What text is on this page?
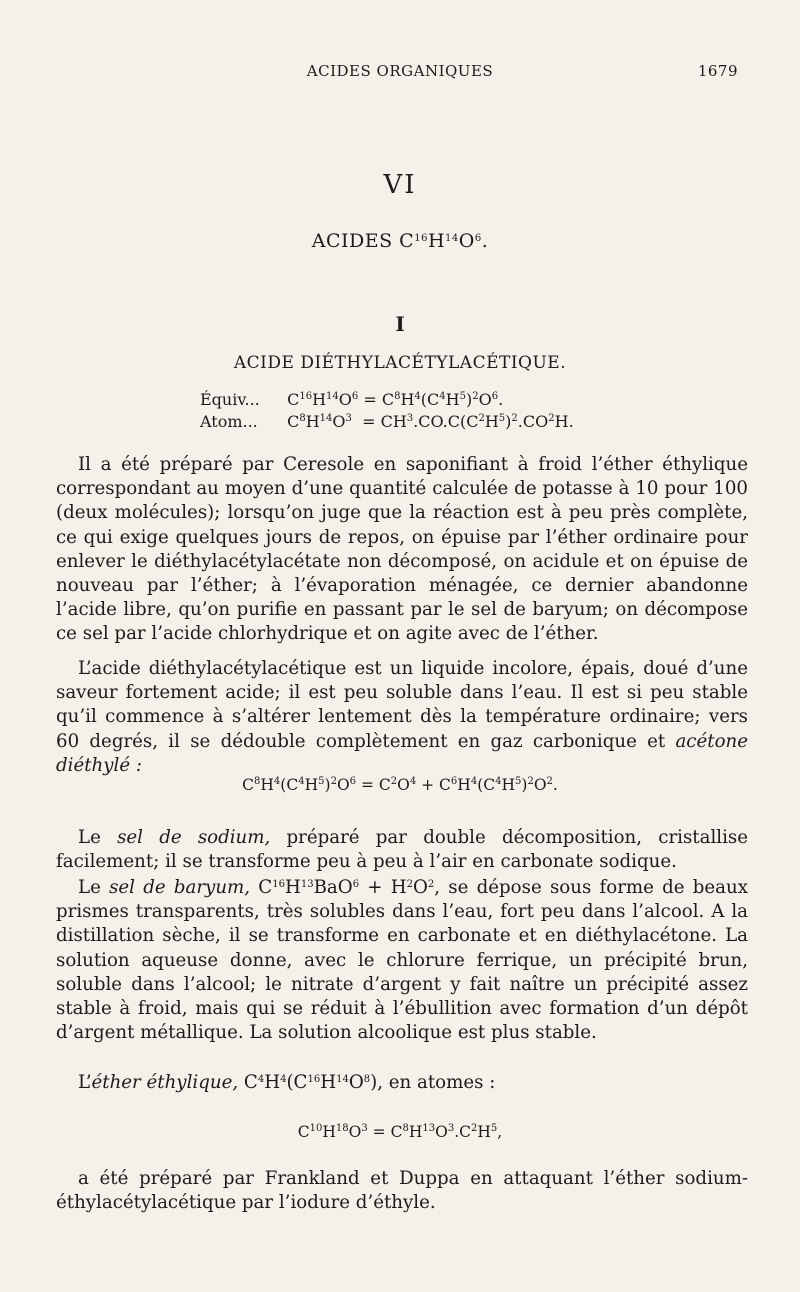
ACIDES ORGANIQUES	1679
VI
ACIDES $C^{16}H^{14}O^6$.
I
ACIDE DIÉTHYLACÉTYLACÉTIQUE.
Équiv... $C^{16}H^{14}O^6 = C^8H^4(C^4H^5)^2O^6$.
Atom... $C^8H^{14}O^3 = CH^3.CO.C(C^2H^5)^2.CO^2H$.
Il a été préparé par Ceresole en saponifiant à froid l’éther éthylique correspondant au moyen d’une quantité calculée de potasse à 10 pour 100 (deux molécules); lorsqu’on juge que la réaction est à peu près complète, ce qui exige quelques jours de repos, on épuise par l’éther ordinaire pour enlever le diéthylacétylacétate non décomposé, on acidule et on épuise de nouveau par l’éther; à l’évaporation ménagée, ce dernier abandonne l’acide libre, qu’on purifie en passant par le sel de baryum; on décompose ce sel par l’acide chlorhydrique et on agite avec de l’éther.
L’acide diéthylacétylacétique est un liquide incolore, épais, doué d’une saveur fortement acide; il est peu soluble dans l’eau. Il est si peu stable qu’il commence à s’altérer lentement dès la température ordinaire; vers 60 degrés, il se dédouble complètement en gaz carbonique et acétone diéthylé :
$C^8H^4(C^4H^5)^2O^6 = C^2O^4 + C^6H^4(C^4H^5)^2O^2$.
Le sel de sodium, préparé par double décomposition, cristallise facilement; il se transforme peu à peu à l’air en carbonate sodique.
Le sel de baryum, $C^{16}H^{13}BaO^6 + H^2O^2$, se dépose sous forme de beaux prismes transparents, très solubles dans l’eau, fort peu dans l’alcool. A la distillation sèche, il se transforme en carbonate et en diéthylacétone. La solution aqueuse donne, avec le chlorure ferrique, un précipité brun, soluble dans l’alcool; le nitrate d’argent y fait naître un précipité assez stable à froid, mais qui se réduit à l’ébullition avec formation d’un dépôt d’argent métallique. La solution alcoolique est plus stable.
L’éther éthylique, $C^4H^4(C^{16}H^{14}O^8)$, en atomes :
$C^{10}H^{18}O^3 = C^8H^{13}O^3.C^2H^5$,
a été préparé par Frankland et Duppa en attaquant l’éther sodium-éthylacétylacétique par l’iodure d’éthyle.
